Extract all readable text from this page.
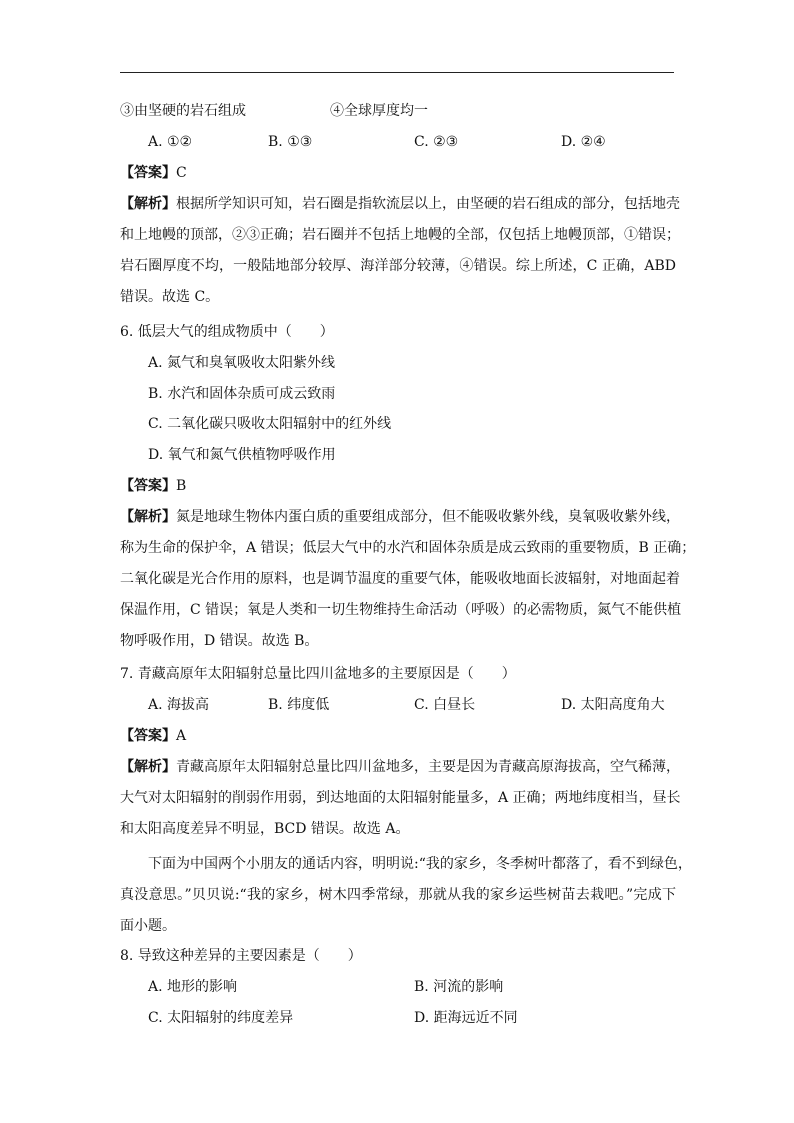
③由坚硬的岩石组成	④全球厚度均一
A. ①②	B. ①③	C. ②③	D. ②④
【答案】C
【解析】根据所学知识可知，岩石圈是指软流层以上，由坚硬的岩石组成的部分，包括地壳
和上地幔的顶部，②③正确；岩石圈并不包括上地幔的全部，仅包括上地幔顶部，①错误；
岩石圈厚度不均，一般陆地部分较厚、海洋部分较薄，④错误。综上所述，C 正确，ABD
错误。故选 C。
6. 低层大气的组成物质中（　　）
A. 氮气和臭氧吸收太阳紫外线
B. 水汽和固体杂质可成云致雨
C. 二氧化碳只吸收太阳辐射中的红外线
D. 氧气和氮气供植物呼吸作用
【答案】B
【解析】氮是地球生物体内蛋白质的重要组成部分，但不能吸收紫外线，臭氧吸收紫外线，
称为生命的保护伞，A 错误；低层大气中的水汽和固体杂质是成云致雨的重要物质，B 正确；
二氧化碳是光合作用的原料，也是调节温度的重要气体，能吸收地面长波辐射，对地面起着
保温作用，C 错误；氧是人类和一切生物维持生命活动（呼吸）的必需物质，氮气不能供植
物呼吸作用，D 错误。故选 B。
7. 青藏高原年太阳辐射总量比四川盆地多的主要原因是（　　）
A. 海拔高	B. 纬度低	C. 白昼长	D. 太阳高度角大
【答案】A
【解析】青藏高原年太阳辐射总量比四川盆地多，主要是因为青藏高原海拔高，空气稀薄，
大气对太阳辐射的削弱作用弱，到达地面的太阳辐射能量多，A 正确；两地纬度相当，昼长
和太阳高度差异不明显，BCD 错误。故选 A。
下面为中国两个小朋友的通话内容，明明说:“我的家乡，冬季树叶都落了，看不到绿色，
真没意思。”贝贝说:“我的家乡，树木四季常绿，那就从我的家乡运些树苗去栽吧。”完成下
面小题。
8. 导致这种差异的主要因素是（　　）
A. 地形的影响	B. 河流的影响
C. 太阳辐射的纬度差异	D. 距海远近不同
